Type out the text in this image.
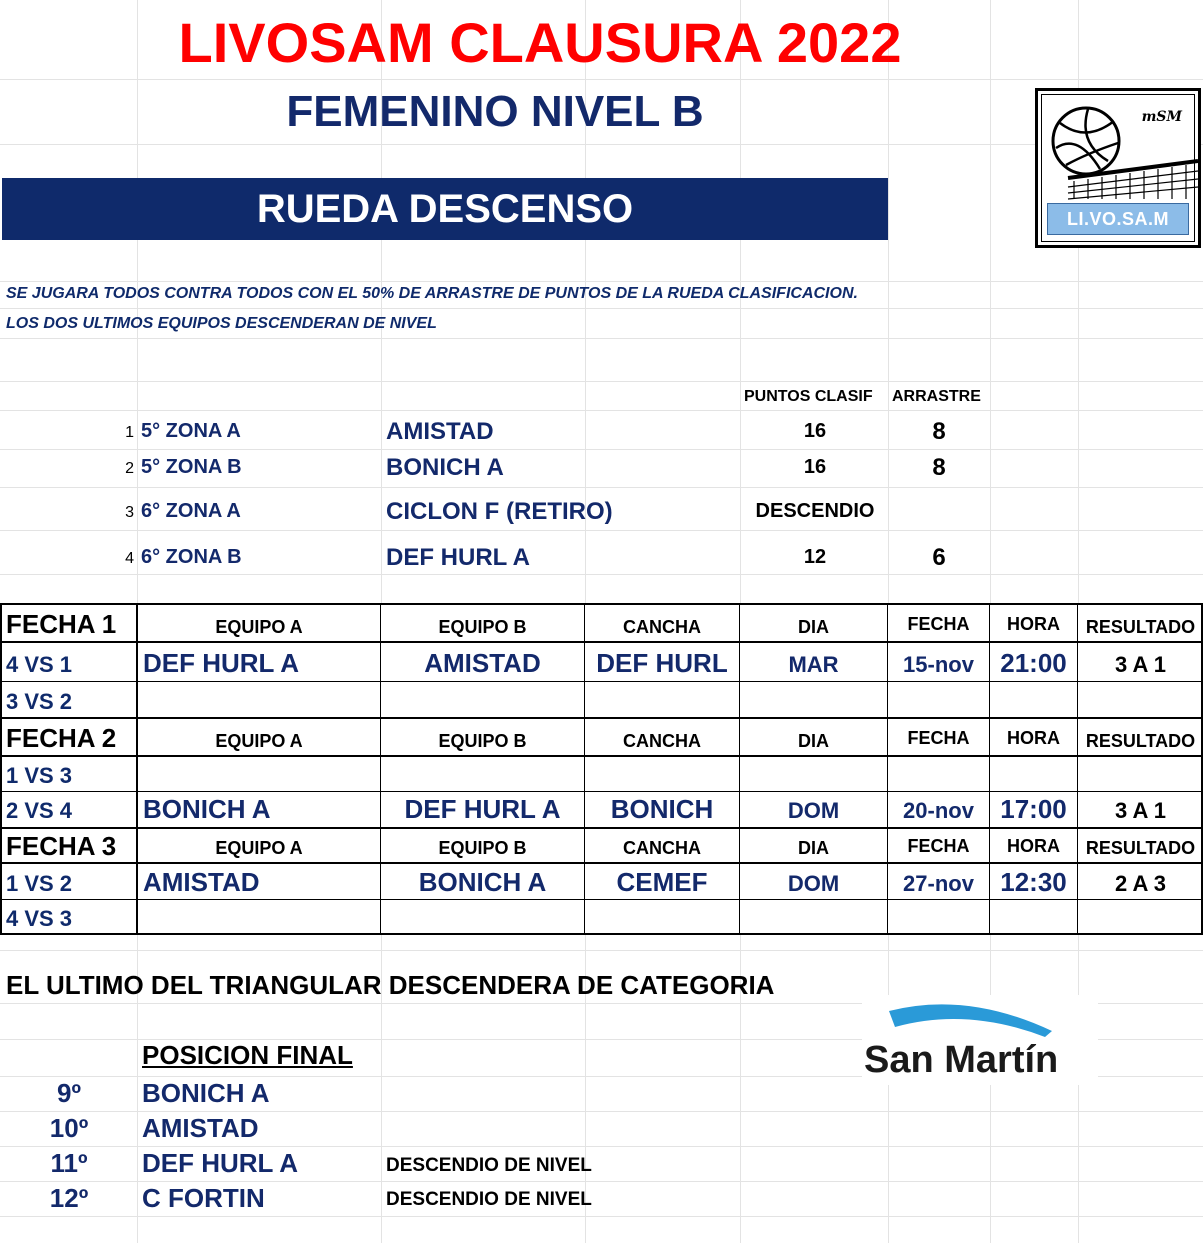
LIVOSAM CLAUSURA 2022
FEMENINO NIVEL B
RUEDA DESCENSO
mSM
LI.VO.SA.M
SE JUGARA TODOS CONTRA TODOS CON EL 50% DE ARRASTRE DE PUNTOS DE LA RUEDA CLASIFICACION.
LOS DOS ULTIMOS EQUIPOS DESCENDERAN DE NIVEL
PUNTOS CLASIF ARRASTRE
1 5° ZONA A	AMISTAD	16	8
2 5° ZONA B	BONICH A	16	8
3 6° ZONA A	CICLON F (RETIRO)	DESCENDIO
4 6° ZONA B	DEF HURL A	12	6
FECHA 1	EQUIPO A	EQUIPO B	CANCHA	DIA	FECHA	HORA	RESULTADO
4 VS 1	DEF HURL A	AMISTAD	DEF HURL	MAR	15-nov	21:00	3 A 1
3 VS 2
FECHA 2	EQUIPO A	EQUIPO B	CANCHA	DIA	FECHA	HORA	RESULTADO
1 VS 3
2 VS 4	BONICH A	DEF HURL A	BONICH	DOM	20-nov	17:00	3 A 1
FECHA 3	EQUIPO A	EQUIPO B	CANCHA	DIA	FECHA	HORA	RESULTADO
1 VS 2	AMISTAD	BONICH A	CEMEF	DOM	27-nov	12:30	2 A 3
4 VS 3
EL ULTIMO DEL TRIANGULAR DESCENDERA DE CATEGORIA
POSICION FINAL
9º	BONICH A
10º	AMISTAD
11º	DEF HURL A	DESCENDIO DE NIVEL
12º	C FORTIN	DESCENDIO DE NIVEL
San Martín
